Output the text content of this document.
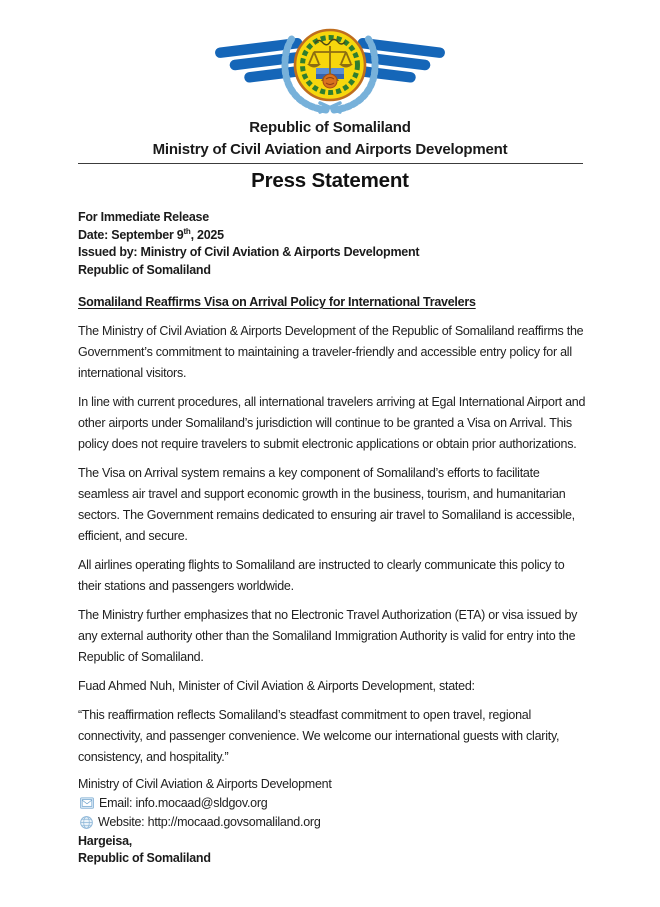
Republic of Somaliland
Ministry of Civil Aviation and Airports Development
Press Statement
For Immediate Release
Date: September 9th, 2025
Issued by: Ministry of Civil Aviation & Airports Development
Republic of Somaliland
Somaliland Reaffirms Visa on Arrival Policy for International Travelers
The Ministry of Civil Aviation & Airports Development of the Republic of Somaliland reaffirms the Government’s commitment to maintaining a traveler-friendly and accessible entry policy for all international visitors.
In line with current procedures, all international travelers arriving at Egal International Airport and other airports under Somaliland’s jurisdiction will continue to be granted a Visa on Arrival. This policy does not require travelers to submit electronic applications or obtain prior authorizations.
The Visa on Arrival system remains a key component of Somaliland’s efforts to facilitate seamless air travel and support economic growth in the business, tourism, and humanitarian sectors. The Government remains dedicated to ensuring air travel to Somaliland is accessible, efficient, and secure.
All airlines operating flights to Somaliland are instructed to clearly communicate this policy to their stations and passengers worldwide.
The Ministry further emphasizes that no Electronic Travel Authorization (ETA) or visa issued by any external authority other than the Somaliland Immigration Authority is valid for entry into the Republic of Somaliland.
Fuad Ahmed Nuh, Minister of Civil Aviation & Airports Development, stated:
“This reaffirmation reflects Somaliland’s steadfast commitment to open travel, regional connectivity, and passenger convenience. We welcome our international guests with clarity, consistency, and hospitality.”
Ministry of Civil Aviation & Airports Development
Email: info.mocaad@sldgov.org
Website: http://mocaad.govsomaliland.org
Hargeisa,
Republic of Somaliland
